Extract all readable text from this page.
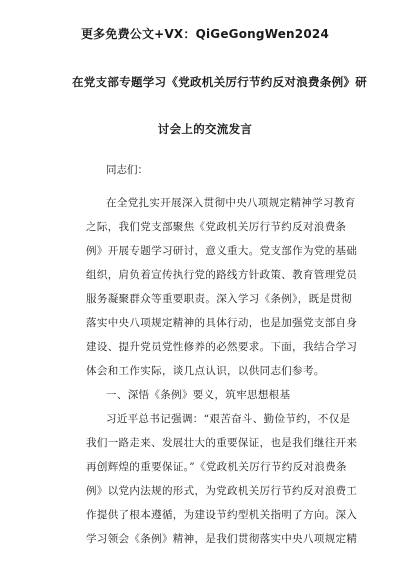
更多免费公文+VX：QiGeGongWen2024
在党支部专题学习《党政机关厉行节约反对浪费条例》研
讨会上的交流发言
同志们：
在全党扎实开展深入贯彻中央八项规定精神学习教育
之际，我们党支部聚焦《党政机关厉行节约反对浪费条
例》开展专题学习研讨，意义重大。党支部作为党的基础
组织，肩负着宣传执行党的路线方针政策、教育管理党员
服务凝聚群众等重要职责。深入学习《条例》，既是贯彻
落实中央八项规定精神的具体行动，也是加强党支部自身
建设、提升党员党性修养的必然要求。下面，我结合学习
体会和工作实际，谈几点认识，以供同志们参考。
一、深悟《条例》要义，筑牢思想根基
习近平总书记强调：“艰苦奋斗、勤俭节约，不仅是
我们一路走来、发展壮大的重要保证，也是我们继往开来
再创辉煌的重要保证。”《党政机关厉行节约反对浪费条
例》以党内法规的形式，为党政机关厉行节约反对浪费工
作提供了根本遵循，为建设节约型机关指明了方向。深入
学习领会《条例》精神，是我们贯彻落实中央八项规定精
